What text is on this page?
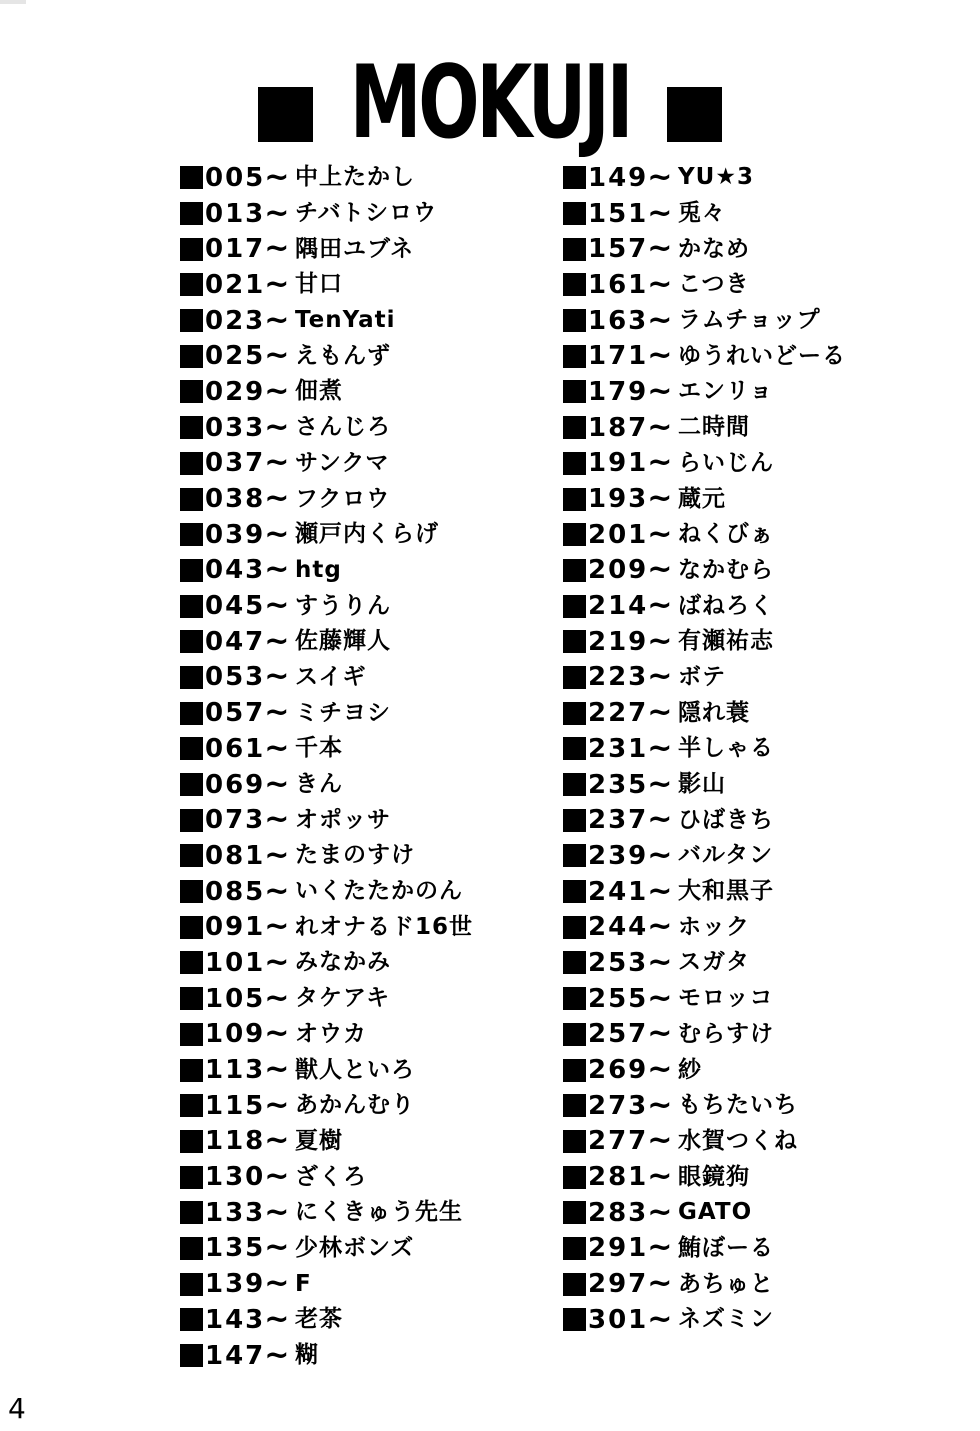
MOKUJI
005 ~ 中上たかし
013 ~ チバトシロウ
017 ~ 隅田ユブネ
021 ~ 甘口
023 ~ TenYati
025 ~ えもんず
029 ~ 佃煮
033 ~ さんじろ
037 ~ サンクマ
038 ~ フクロウ
039 ~ 瀬戸内くらげ
043 ~ htg
045 ~ すうりん
047 ~ 佐藤輝人
053 ~ スイギ
057 ~ ミチヨシ
061 ~ 千本
069 ~ きん
073 ~ オポッサ
081 ~ たまのすけ
085 ~ いくたたかのん
091 ~ れオナるド16世
101 ~ みなかみ
105 ~ タケアキ
109 ~ オウカ
113 ~ 獣人といろ
115 ~ あかんむり
118 ~ 夏樹
130 ~ ざくろ
133 ~ にくきゅう先生
135 ~ 少林ボンズ
139 ~ F
143 ~ 老茶
147 ~ 糊
149 ~ YU★3
151 ~ 兎々
157 ~ かなめ
161 ~ こつき
163 ~ ラムチョップ
171 ~ ゆうれいどーる
179 ~ エンリョ
187 ~ 二時間
191 ~ らいじん
193 ~ 蔵元
201 ~ ねくびぁ
209 ~ なかむら
214 ~ ばねろく
219 ~ 有瀬祐志
223 ~ ボテ
227 ~ 隠れ蓑
231 ~ 半しゃる
235 ~ 影山
237 ~ ひばきち
239 ~ バルタン
241 ~ 大和黒子
244 ~ ホック
253 ~ スガタ
255 ~ モロッコ
257 ~ むらすけ
269 ~ 紗
273 ~ もちたいち
277 ~ 水賀つくね
281 ~ 眼鏡狗
283 ~ GATO
291 ~ 鮪ぼーる
297 ~ あちゅと
301 ~ ネズミン
4
